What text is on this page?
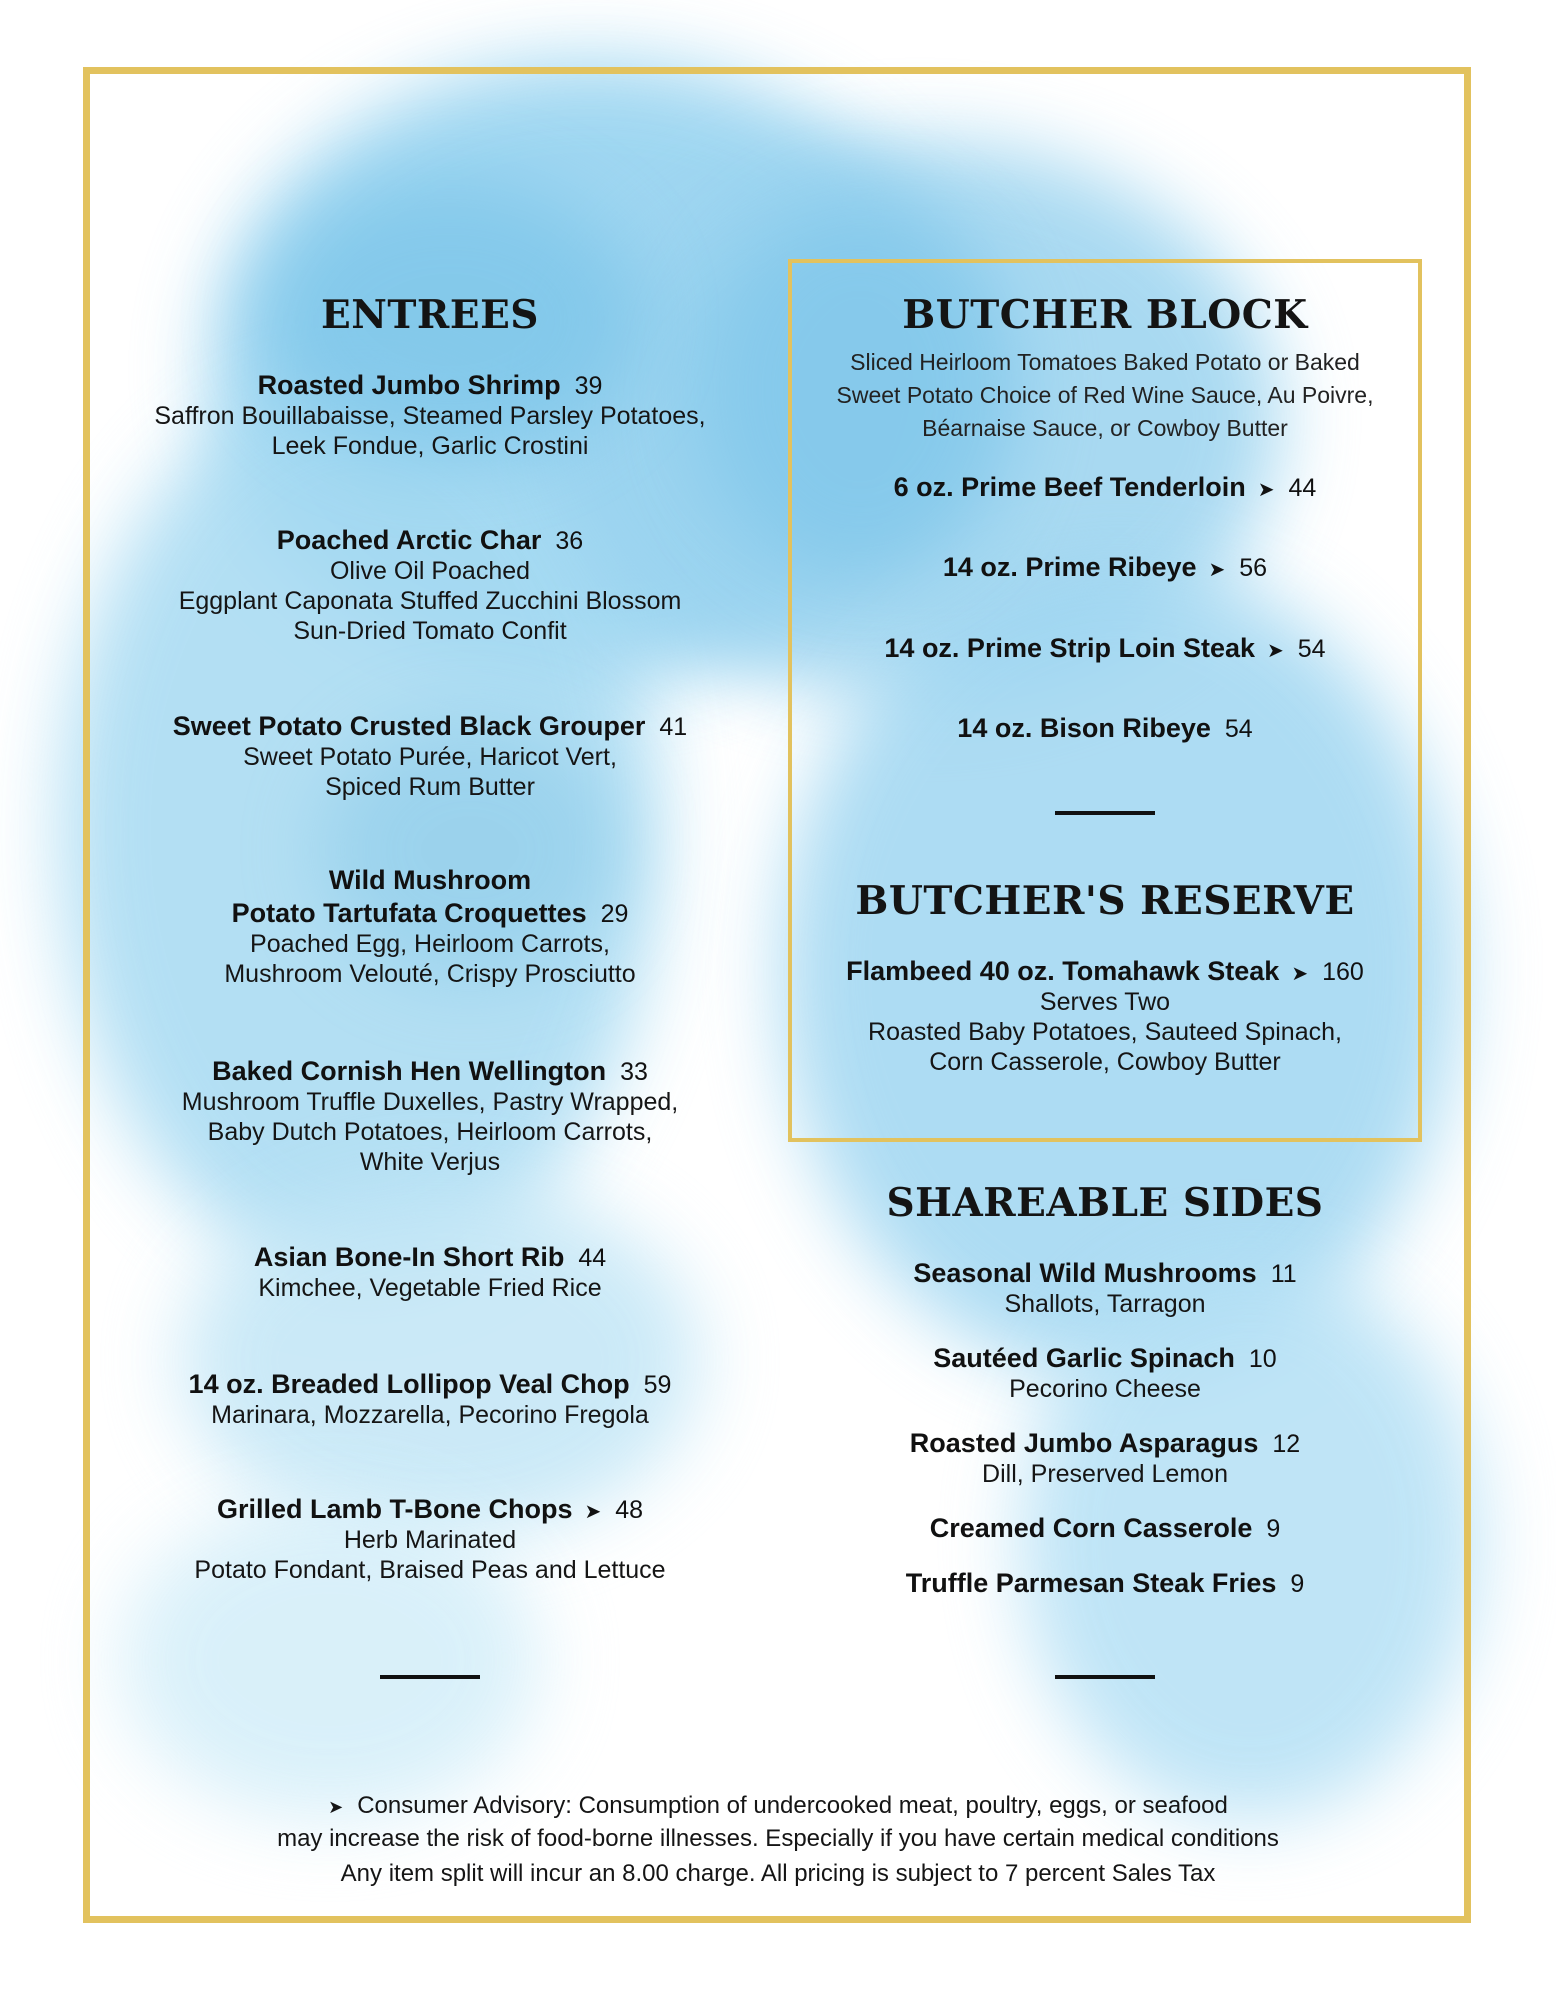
ENTREES
Roasted Jumbo Shrimp 39
Saffron Bouillabaisse, Steamed Parsley Potatoes,
Leek Fondue, Garlic Crostini
Poached Arctic Char 36
Olive Oil Poached
Eggplant Caponata Stuffed Zucchini Blossom
Sun-Dried Tomato Confit
Sweet Potato Crusted Black Grouper 41
Sweet Potato Purée, Haricot Vert,
Spiced Rum Butter
Wild Mushroom
Potato Tartufata Croquettes 29
Poached Egg, Heirloom Carrots,
Mushroom Velouté, Crispy Prosciutto
Baked Cornish Hen Wellington 33
Mushroom Truffle Duxelles, Pastry Wrapped,
Baby Dutch Potatoes, Heirloom Carrots,
White Verjus
Asian Bone-In Short Rib 44
Kimchee, Vegetable Fried Rice
14 oz. Breaded Lollipop Veal Chop 59
Marinara, Mozzarella, Pecorino Fregola
Grilled Lamb T-Bone Chops ➤ 48
Herb Marinated
Potato Fondant, Braised Peas and Lettuce
BUTCHER BLOCK
Sliced Heirloom Tomatoes Baked Potato or Baked
Sweet Potato Choice of Red Wine Sauce, Au Poivre,
Béarnaise Sauce, or Cowboy Butter
6 oz. Prime Beef Tenderloin ➤ 44
14 oz. Prime Ribeye ➤ 56
14 oz. Prime Strip Loin Steak ➤ 54
14 oz. Bison Ribeye 54
BUTCHER'S RESERVE
Flambeed 40 oz. Tomahawk Steak ➤ 160
Serves Two
Roasted Baby Potatoes, Sauteed Spinach,
Corn Casserole, Cowboy Butter
SHAREABLE SIDES
Seasonal Wild Mushrooms 11
Shallots, Tarragon
Sautéed Garlic Spinach 10
Pecorino Cheese
Roasted Jumbo Asparagus 12
Dill, Preserved Lemon
Creamed Corn Casserole 9
Truffle Parmesan Steak Fries 9
➤ Consumer Advisory: Consumption of undercooked meat, poultry, eggs, or seafood
may increase the risk of food-borne illnesses. Especially if you have certain medical conditions
Any item split will incur an 8.00 charge. All pricing is subject to 7 percent Sales Tax
